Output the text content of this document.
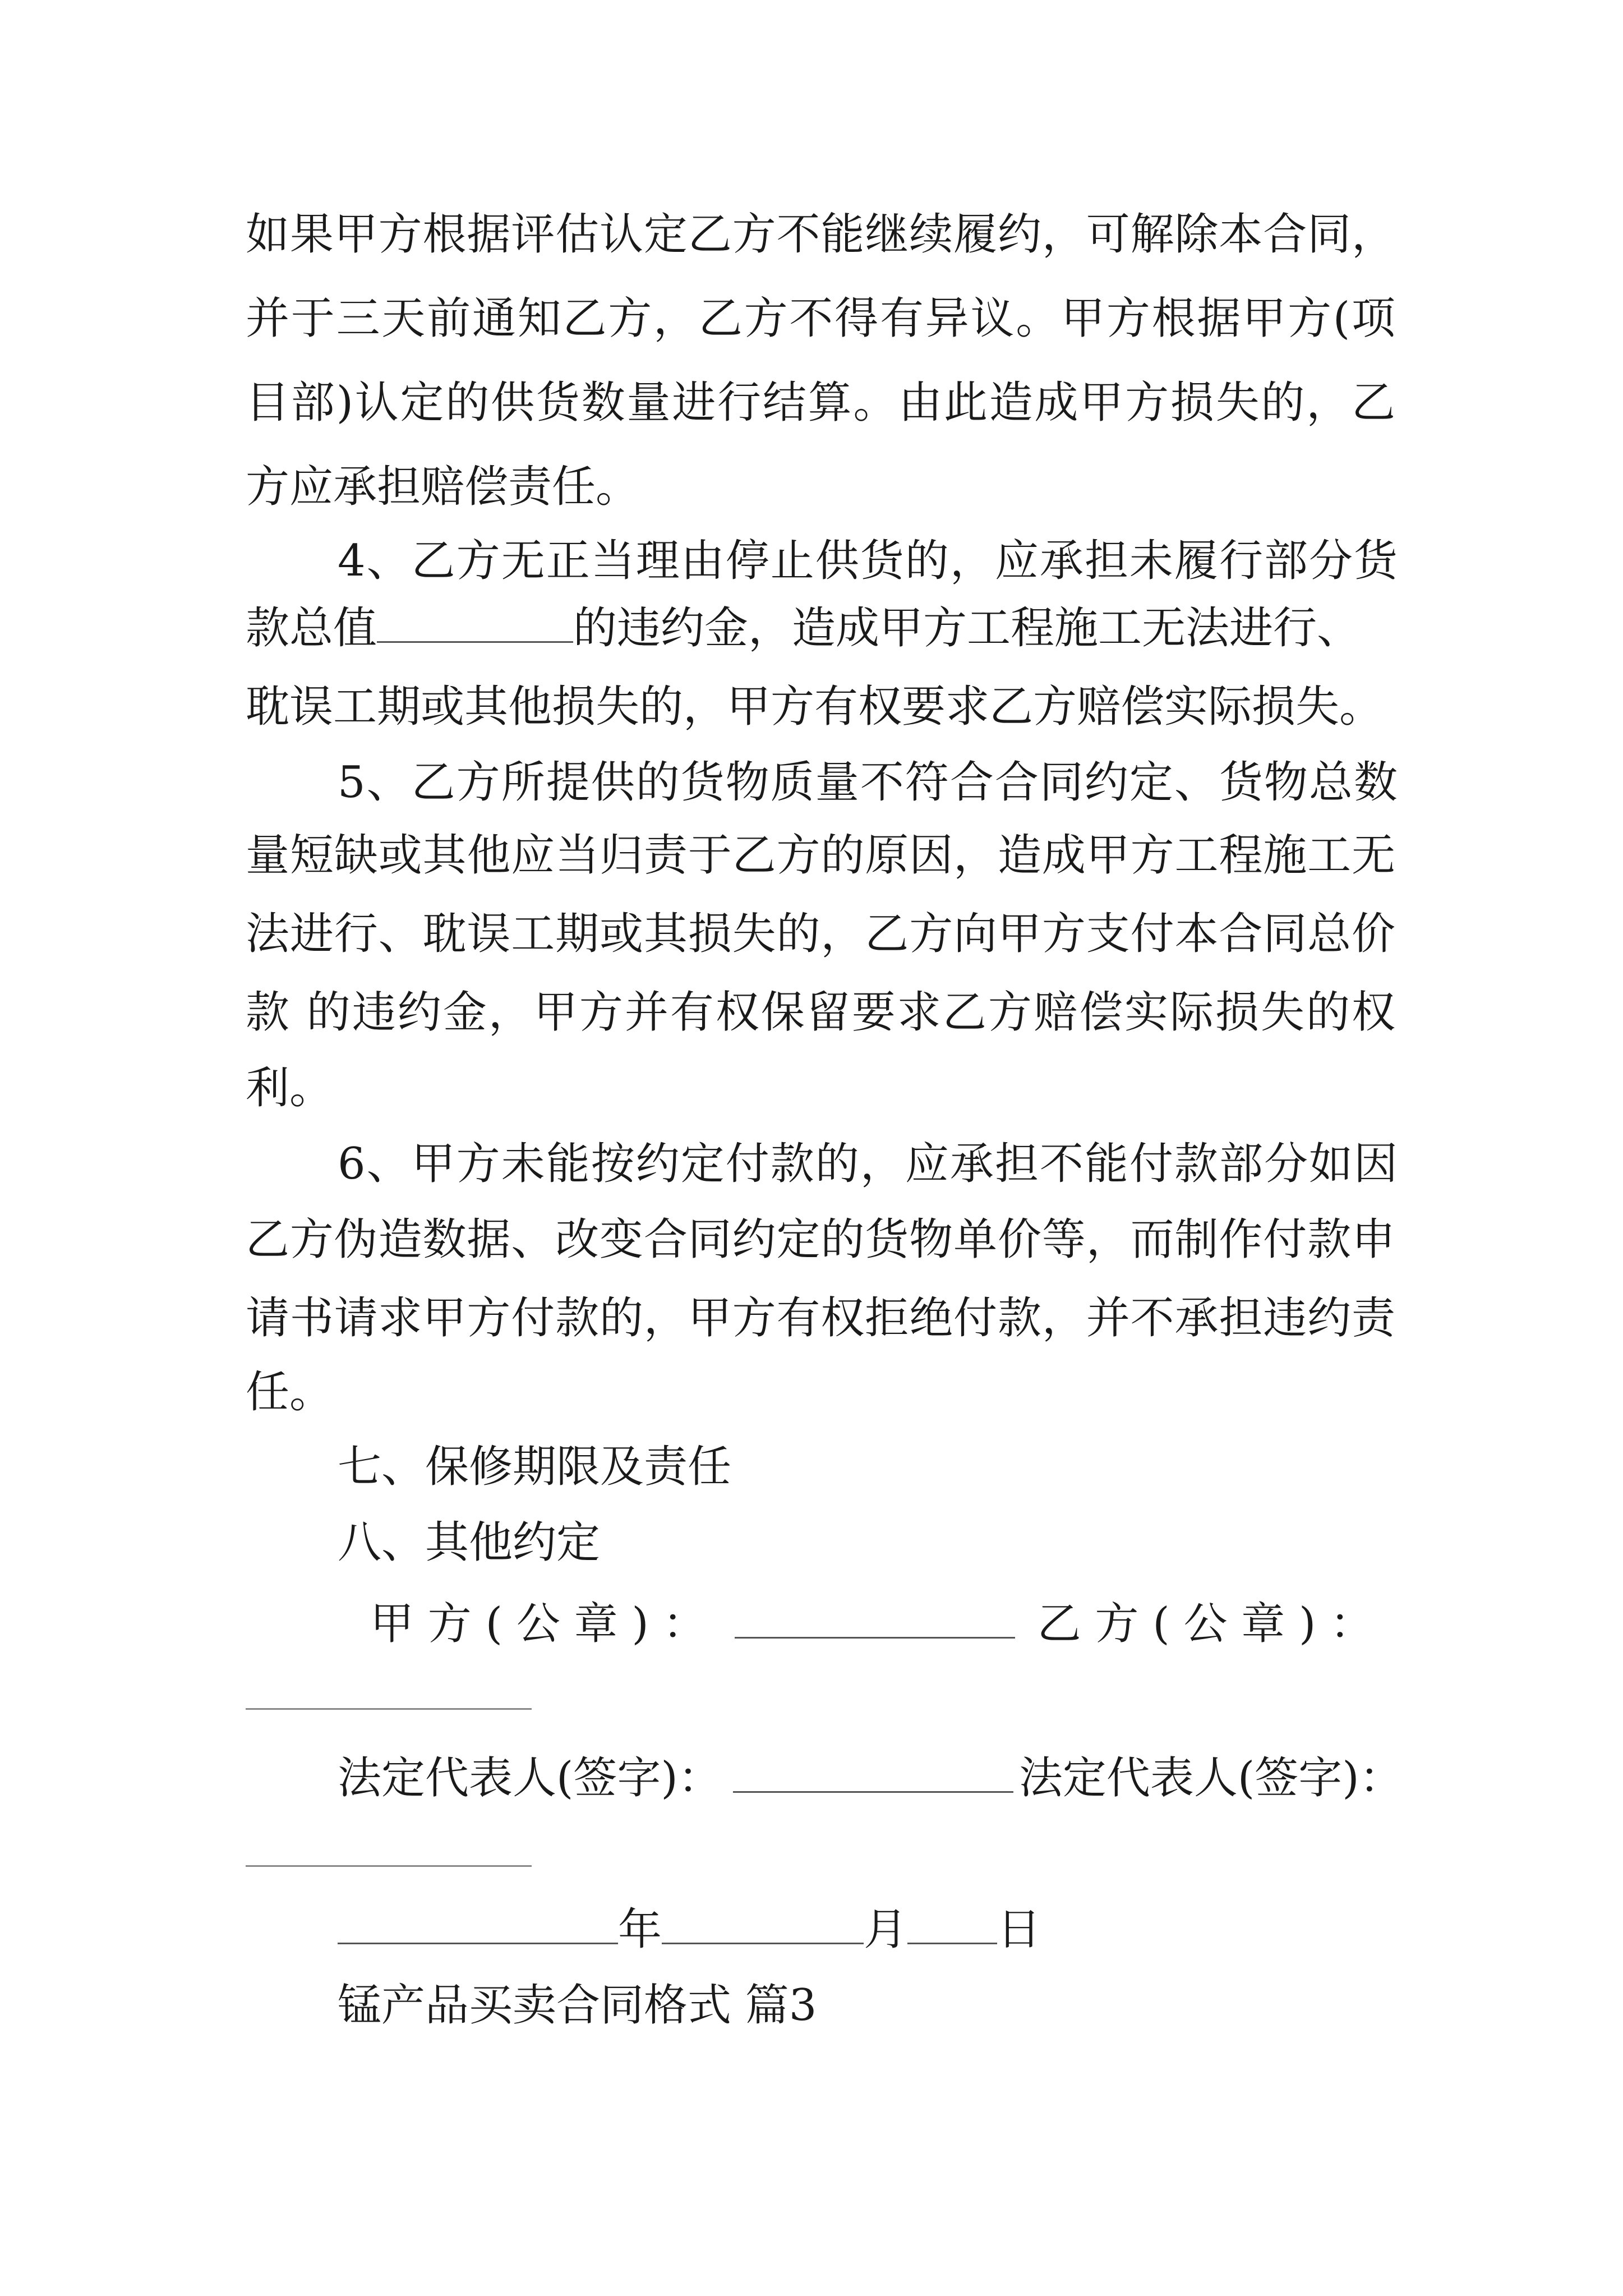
如果甲方根据评估认定乙方不能继续履约，可解除本合同，
并于三天前通知乙方，乙方不得有异议。甲方根据甲方(项
目部)认定的供货数量进行结算。由此造成甲方损失的，乙
方应承担赔偿责任。
4、乙方无正当理由停止供货的，应承担未履行部分货
款总值	的违约金，造成甲方工程施工无法进行、
耽误工期或其他损失的，甲方有权要求乙方赔偿实际损失。
5、乙方所提供的货物质量不符合合同约定、货物总数
量短缺或其他应当归责于乙方的原因，造成甲方工程施工无
法进行、耽误工期或其损失的，乙方向甲方支付本合同总价
款 的违约金，甲方并有权保留要求乙方赔偿实际损失的权
利。
6、甲方未能按约定付款的，应承担不能付款部分如因
乙方伪造数据、改变合同约定的货物单价等，而制作付款申
请书请求甲方付款的，甲方有权拒绝付款，并不承担违约责
任。
七、保修期限及责任
八、其他约定
甲 方 ( 公 章 ) ：	乙 方 ( 公 章 ) ：
法定代表人(签字)：	法定代表人(签字)：
年	月 日
锰产品买卖合同格式 篇3
